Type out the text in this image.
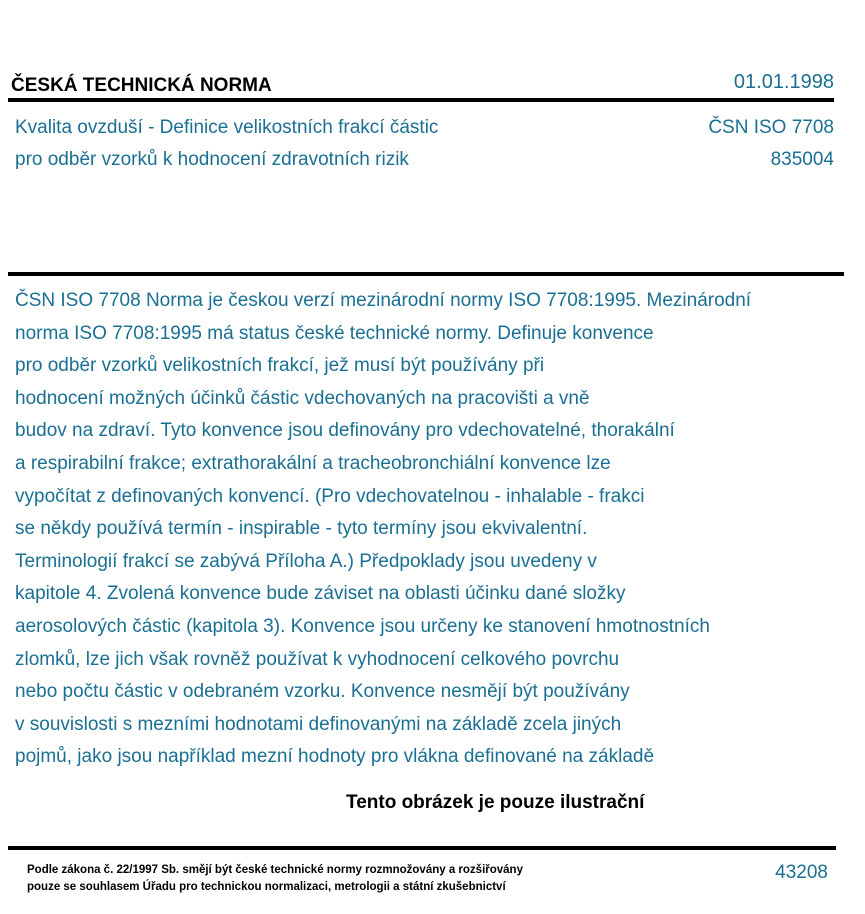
ČESKÁ TECHNICKÁ NORMA	01.01.1998
Kvalita ovzduší - Definice velikostních frakcí částic
pro odběr vzorků k hodnocení zdravotních rizik
ČSN ISO 7708
835004
ČSN ISO 7708 Norma je českou verzí mezinárodní normy ISO 7708:1995. Mezinárodní
norma ISO 7708:1995 má status české technické normy. Definuje konvence
pro odběr vzorků velikostních frakcí, jež musí být používány při
hodnocení možných účinků částic vdechovaných na pracovišti a vně
budov na zdraví. Tyto konvence jsou definovány pro vdechovatelné, thorakální
a respirabilní frakce; extrathorakální a tracheobronchiální konvence lze
vypočítat z definovaných konvencí. (Pro vdechovatelnou - inhalable - frakci
se někdy používá termín - inspirable - tyto termíny jsou ekvivalentní.
Terminologií frakcí se zabývá Příloha A.) Předpoklady jsou uvedeny v
kapitole 4. Zvolená konvence bude záviset na oblasti účinku dané složky
aerosolových částic (kapitola 3). Konvence jsou určeny ke stanovení hmotnostních
zlomků, lze jich však rovněž používat k vyhodnocení celkového povrchu
nebo počtu částic v odebraném vzorku. Konvence nesmějí být používány
v souvislosti s mezními hodnotami definovanými na základě zcela jiných
pojmů, jako jsou například mezní hodnoty pro vlákna definované na základě
Tento obrázek je pouze ilustrační
Podle zákona č. 22/1997 Sb. smějí být české technické normy rozmnožovány a rozšiřovány
pouze se souhlasem Úřadu pro technickou normalizaci, metrologii a státní zkušebnictví
43208
